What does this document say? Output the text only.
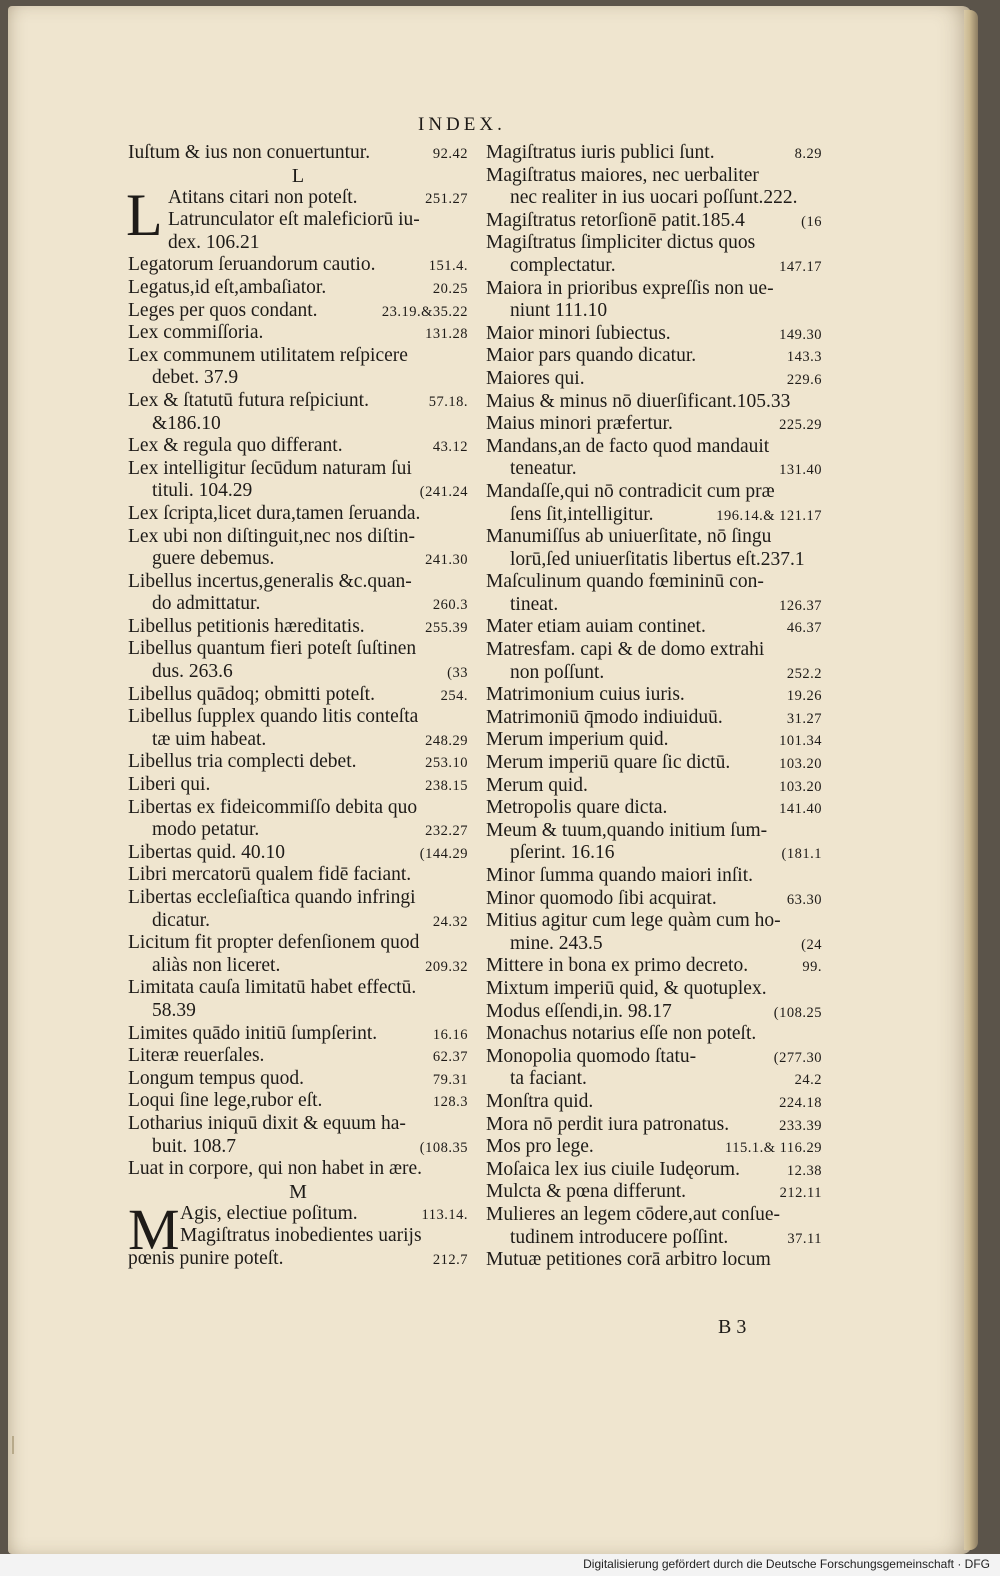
INDEX.
Iuſtum & ius non conuertuntur.	92.42
L
L Atitans citari non poteſt.	251.27
Latrunculator eſt maleficiorū iu-
dex. 106.21
Legatorum ſeruandorum cautio.	151.4.
Legatus,id eſt,ambaſiator.	20.25
Leges per quos condant.	23.19.&35.22
Lex commiſſoria.	131.28
Lex communem utilitatem reſpicere
debet. 37.9
Lex & ſtatutū futura reſpiciunt.	57.18.
&186.10
Lex & regula quo differant.	43.12
Lex intelligitur ſecūdum naturam ſui
tituli. 104.29	(241.24
Lex ſcripta,licet dura,tamen ſeruanda.
Lex ubi non diſtinguit,nec nos diſtin-
guere debemus.	241.30
Libellus incertus,generalis &c.quan-
do admittatur.	260.3
Libellus petitionis hæreditatis.	255.39
Libellus quantum fieri poteſt ſuſtinen
dus. 263.6	(33
Libellus quādoq; obmitti poteſt.	254.
Libellus ſupplex quando litis conteſta
tæ uim habeat.	248.29
Libellus tria complecti debet.	253.10
Liberi qui.	238.15
Libertas ex fideicommiſſo debita quo
modo petatur.	232.27
Libertas quid. 40.10	(144.29
Libri mercatorū qualem fidē faciant.
Libertas eccleſiaſtica quando infringi
dicatur.	24.32
Licitum fit propter defenſionem quod
aliàs non liceret.	209.32
Limitata cauſa limitatū habet effectū.
58.39
Limites quādo initiū ſumpſerint.	16.16
Literæ reuerſales.	62.37
Longum tempus quod.	79.31
Loqui ſine lege,rubor eſt.	128.3
Lotharius iniquū dixit & equum ha-
buit. 108.7	(108.35
Luat in corpore, qui non habet in ære.
M
M Agis, electiue poſitum.	113.14.
Magiſtratus inobedientes uarijs
pœnis punire poteſt.	212.7
Magiſtratus iuris publici ſunt.	8.29
Magiſtratus maiores, nec uerbaliter
nec realiter in ius uocari poſſunt.222.
Magiſtratus retorſionē patit.185.4	(16
Magiſtratus ſimpliciter dictus quos
complectatur.	147.17
Maiora in prioribus expreſſis non ue-
niunt 111.10
Maior minori ſubiectus.	149.30
Maior pars quando dicatur.	143.3
Maiores qui.	229.6
Maius & minus nō diuerſificant.105.33
Maius minori præfertur.	225.29
Mandans,an de facto quod mandauit
teneatur.	131.40
Mandaſſe,qui nō contradicit cum præ
ſens ſit,intelligitur.	196.14.& 121.17
Manumiſſus ab uniuerſitate, nō ſingu
lorū,ſed uniuerſitatis libertus eſt.237.1
Maſculinum quando fœmininū con-
tineat.	126.37
Mater etiam auiam continet.	46.37
Matresfam. capi & de domo extrahi
non poſſunt.	252.2
Matrimonium cuius iuris.	19.26
Matrimoniū q̄modo indiuiduū.	31.27
Merum imperium quid.	101.34
Merum imperiū quare ſic dictū.	103.20
Merum quid.	103.20
Metropolis quare dicta.	141.40
Meum & tuum,quando initium ſum-
pſerint. 16.16	(181.1
Minor ſumma quando maiori inſit.
Minor quomodo ſibi acquirat.	63.30
Mitius agitur cum lege quàm cum ho-
mine. 243.5	(24
Mittere in bona ex primo decreto.	99.
Mixtum imperiū quid, & quotuplex.
Modus eſſendi,in. 98.17	(108.25
Monachus notarius eſſe non poteſt.
Monopolia quomodo ſtatu-	(277.30
ta faciant.	24.2
Monſtra quid.	224.18
Mora nō perdit iura patronatus.	233.39
Mos pro lege.	115.1.& 116.29
Moſaica lex ius ciuile Iudęorum.	12.38
Mulcta & pœna differunt.	212.11
Mulieres an legem cōdere,aut conſue-
tudinem introducere poſſint.	37.11
Mutuæ petitiones corā arbitro locum
B 3
Digitalisierung gefördert durch die Deutsche Forschungsgemeinschaft · DFG
